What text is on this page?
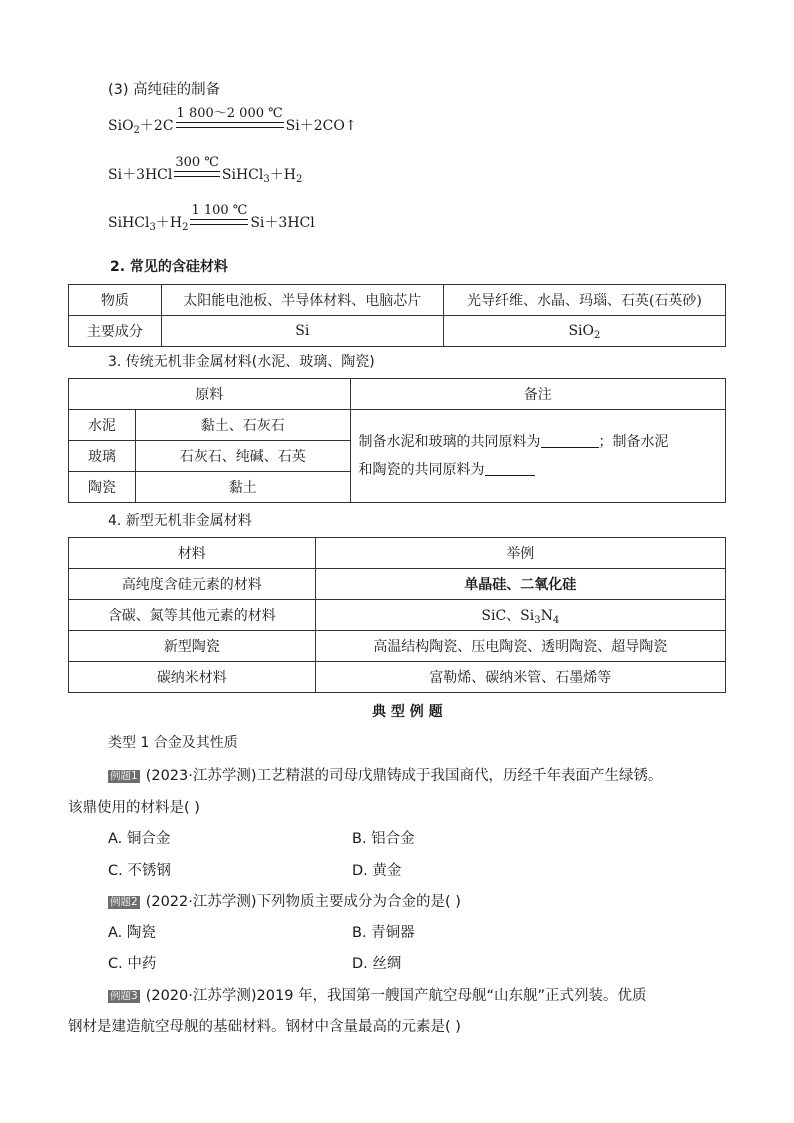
(3) 高纯硅的制备
SiO$_2$＋2C
1 800～2 000 ℃
Si＋2CO↑
Si＋3HCl
300 ℃
$SiHCl_3+H_2$
$SiHCl_3+H_2$
1 100 ℃
Si＋3HCl
2. 常见的含硅材料
物质	太阳能电池板、半导体材料、电脑芯片	光导纤维、水晶、玛瑙、石英(石英砂)
主要成分	Si	SiO$_2$
3. 传统无机非金属材料(水泥、玻璃、陶瓷)
原料		备注
水泥	黏土、石灰石	制备水泥和玻璃的共同原料为 ；制备水泥
和陶瓷的共同原料为

玻璃	石灰石、纯碱、石英	
陶瓷	黏土	
4. 新型无机非金属材料
材料	举例
高纯度含硅元素的材料	单晶硅、二氧化硅
含碳、氮等其他元素的材料	SiC、$Si_3N_4$
新型陶瓷	高温结构陶瓷、压电陶瓷、透明陶瓷、超导陶瓷
碳纳米材料	富勒烯、碳纳米管、石墨烯等
典 型 例 题
类型 1 合金及其性质
例题1 (2023·江苏学测)工艺精湛的司母戊鼎铸成于我国商代，历经千年表面产生绿锈。
该鼎使用的材料是( )
A. 铜合金	B. 铝合金
C. 不锈钢	D. 黄金
例题2 (2022·江苏学测)下列物质主要成分为合金的是( )
A. 陶瓷	B. 青铜器
C. 中药	D. 丝绸
例题3 (2020·江苏学测)2019 年，我国第一艘国产航空母舰“山东舰”正式列装。优质
钢材是建造航空母舰的基础材料。钢材中含量最高的元素是( )
